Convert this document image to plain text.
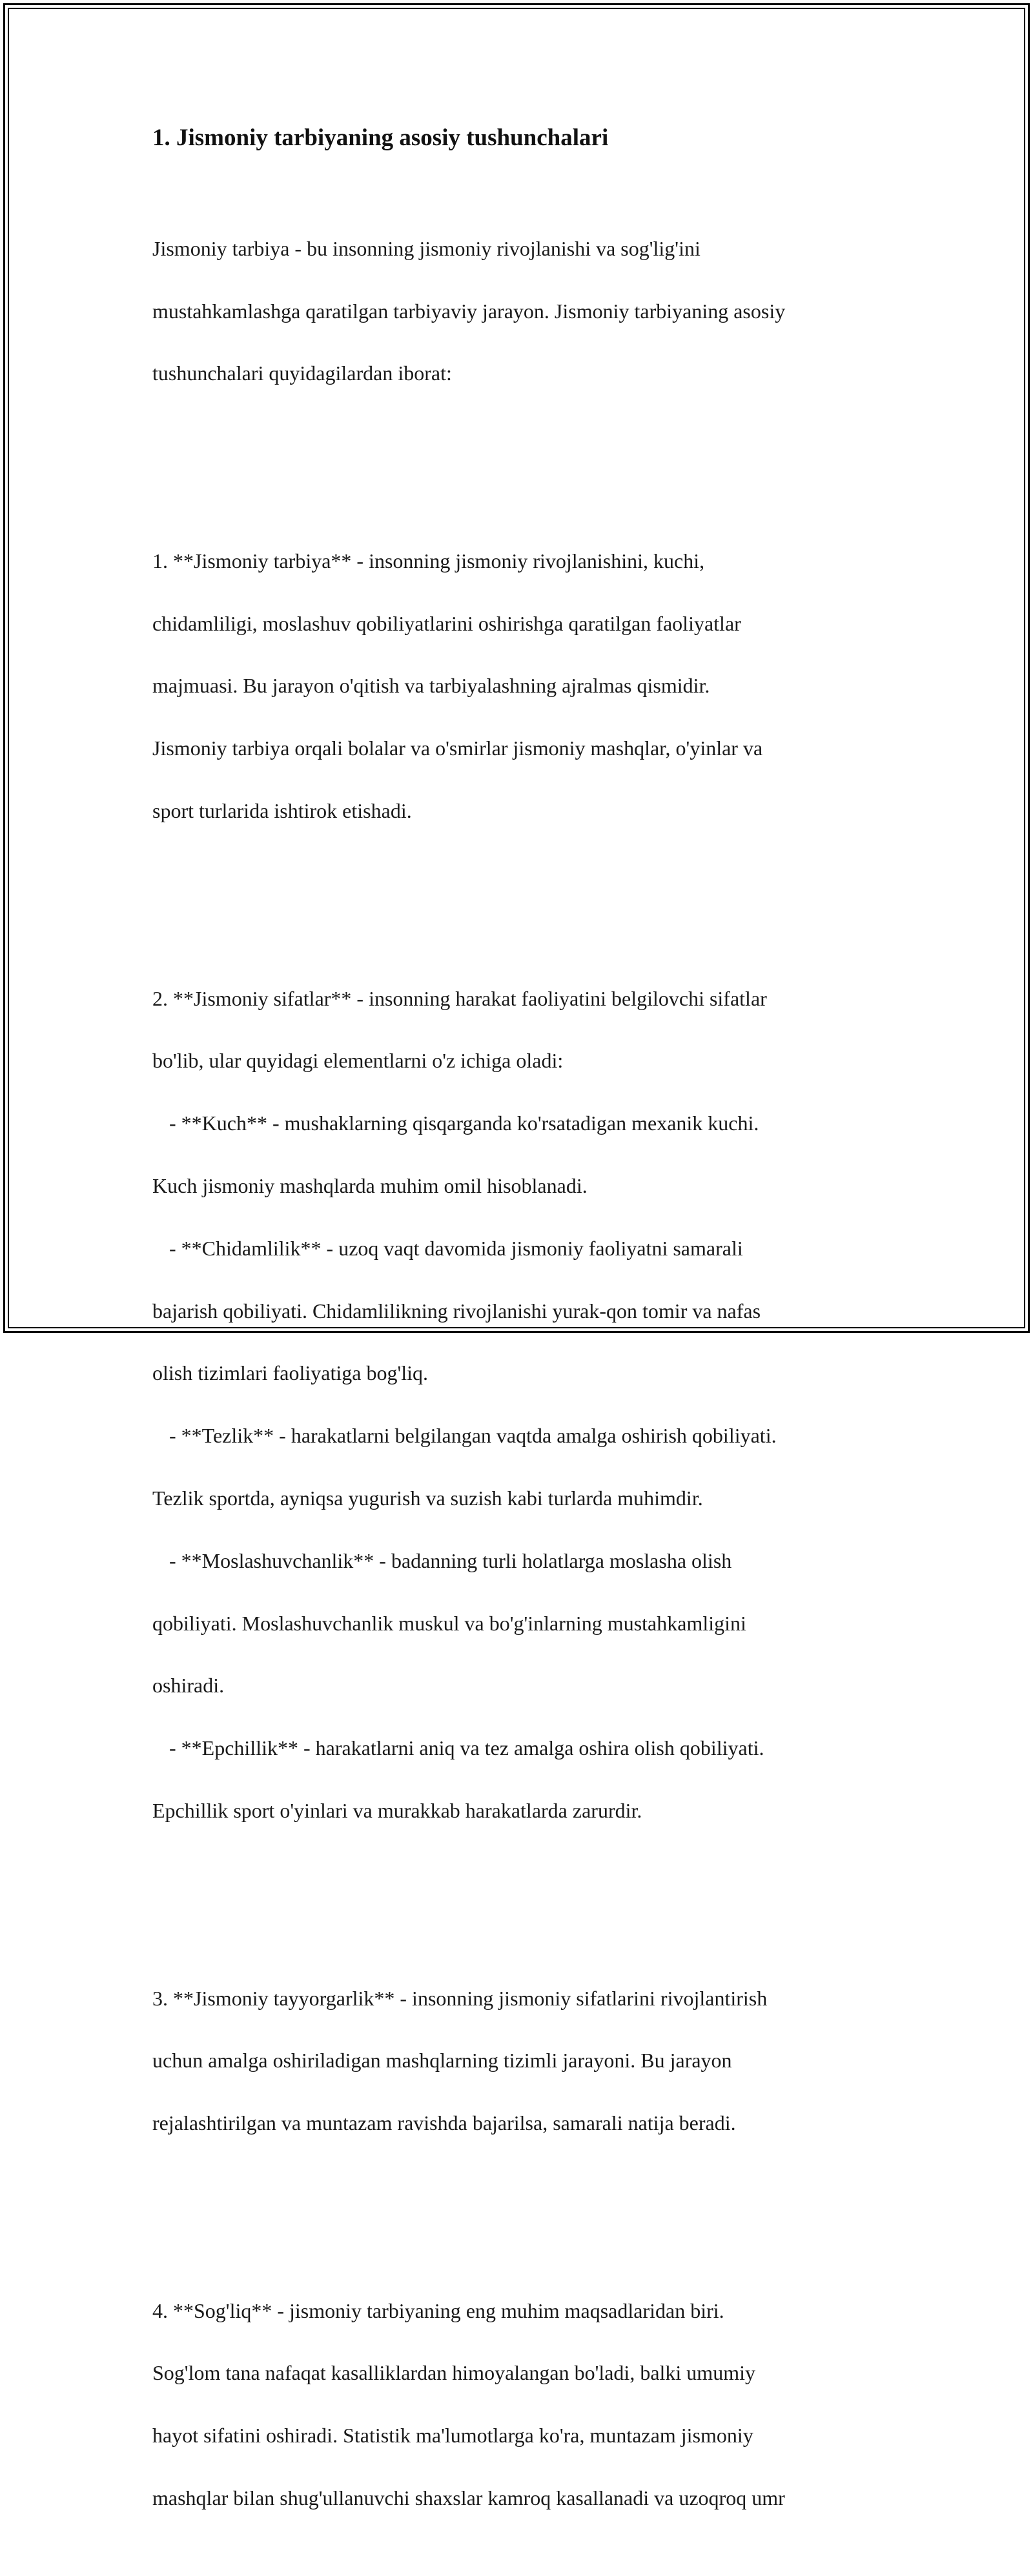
1. Jismoniy tarbiyaning asosiy tushunchalari

Jismoniy tarbiya - bu insonning jismoniy rivojlanishi va sog'lig'ini

mustahkamlashga qaratilgan tarbiyaviy jarayon. Jismoniy tarbiyaning asosiy

tushunchalari quyidagilardan iborat:

1. **Jismoniy tarbiya** - insonning jismoniy rivojlanishini, kuchi,

chidamliligi, moslashuv qobiliyatlarini oshirishga qaratilgan faoliyatlar

majmuasi. Bu jarayon o'qitish va tarbiyalashning ajralmas qismidir.

Jismoniy tarbiya orqali bolalar va o'smirlar jismoniy mashqlar, o'yinlar va

sport turlarida ishtirok etishadi.

2. **Jismoniy sifatlar** - insonning harakat faoliyatini belgilovchi sifatlar

bo'lib, ular quyidagi elementlarni o'z ichiga oladi:

- **Kuch** - mushaklarning qisqarganda ko'rsatadigan mexanik kuchi.

Kuch jismoniy mashqlarda muhim omil hisoblanadi.

- **Chidamlilik** - uzoq vaqt davomida jismoniy faoliyatni samarali

bajarish qobiliyati. Chidamlilikning rivojlanishi yurak-qon tomir va nafas

olish tizimlari faoliyatiga bog'liq.

- **Tezlik** - harakatlarni belgilangan vaqtda amalga oshirish qobiliyati.

Tezlik sportda, ayniqsa yugurish va suzish kabi turlarda muhimdir.

- **Moslashuvchanlik** - badanning turli holatlarga moslasha olish

qobiliyati. Moslashuvchanlik muskul va bo'g'inlarning mustahkamligini

oshiradi.

- **Epchillik** - harakatlarni aniq va tez amalga oshira olish qobiliyati.

Epchillik sport o'yinlari va murakkab harakatlarda zarurdir.

3. **Jismoniy tayyorgarlik** - insonning jismoniy sifatlarini rivojlantirish

uchun amalga oshiriladigan mashqlarning tizimli jarayoni. Bu jarayon

rejalashtirilgan va muntazam ravishda bajarilsa, samarali natija beradi.

4. **Sog'liq** - jismoniy tarbiyaning eng muhim maqsadlaridan biri.

Sog'lom tana nafaqat kasalliklardan himoyalangan bo'ladi, balki umumiy

hayot sifatini oshiradi. Statistik ma'lumotlarga ko'ra, muntazam jismoniy

mashqlar bilan shug'ullanuvchi shaxslar kamroq kasallanadi va uzoqroq umr
